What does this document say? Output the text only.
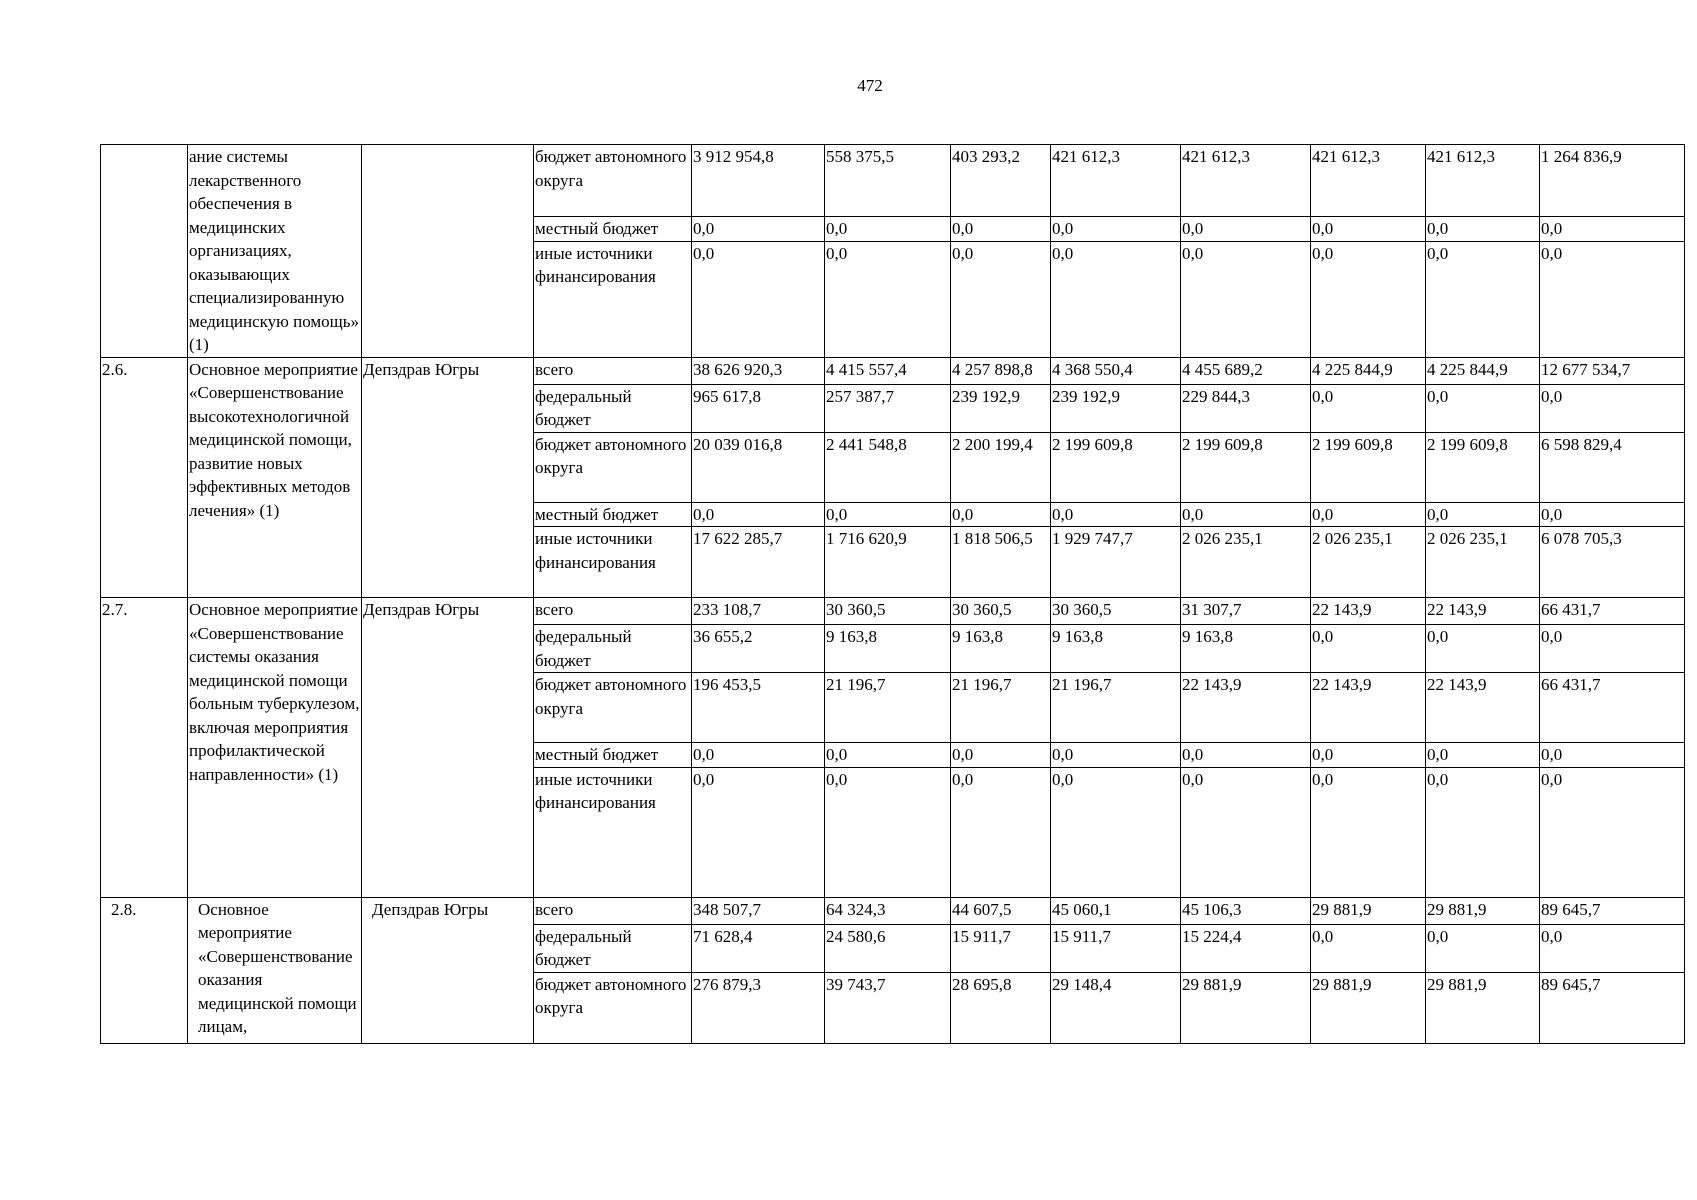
472
	ание системы лекарственного обеспечения в медицинских организациях, оказывающих специализированную медицинскую помощь» (1)		бюджет автономного округа	3 912 954,8	558 375,5	403 293,2	421 612,3	421 612,3	421 612,3	421 612,3	1 264 836,9
			местный бюджет	0,0	0,0	0,0	0,0	0,0	0,0	0,0	0,0
			иные источники финансирования	0,0	0,0	0,0	0,0	0,0	0,0	0,0	0,0
2.6.	Основное мероприятие «Совершенствование высокотехнологичной медицинской помощи, развитие новых эффективных методов лечения» (1)	Депздрав Югры	всего	38 626 920,3	4 415 557,4	4 257 898,8	4 368 550,4	4 455 689,2	4 225 844,9	4 225 844,9	12 677 534,7
			федеральный бюджет	965 617,8	257 387,7	239 192,9	239 192,9	229 844,3	0,0	0,0	0,0
			бюджет автономного округа	20 039 016,8	2 441 548,8	2 200 199,4	2 199 609,8	2 199 609,8	2 199 609,8	2 199 609,8	6 598 829,4
			местный бюджет	0,0	0,0	0,0	0,0	0,0	0,0	0,0	0,0
			иные источники финансирования	17 622 285,7	1 716 620,9	1 818 506,5	1 929 747,7	2 026 235,1	2 026 235,1	2 026 235,1	6 078 705,3
2.7.	Основное мероприятие «Совершенствование системы оказания медицинской помощи больным туберкулезом, включая мероприятия профилактической направленности» (1)	Депздрав Югры	всего	233 108,7	30 360,5	30 360,5	30 360,5	31 307,7	22 143,9	22 143,9	66 431,7
			федеральный бюджет	36 655,2	9 163,8	9 163,8	9 163,8	9 163,8	0,0	0,0	0,0
			бюджет автономного округа	196 453,5	21 196,7	21 196,7	21 196,7	22 143,9	22 143,9	22 143,9	66 431,7
			местный бюджет	0,0	0,0	0,0	0,0	0,0	0,0	0,0	0,0
			иные источники финансирования	0,0	0,0	0,0	0,0	0,0	0,0	0,0	0,0
2.8.	Основное мероприятие «Совершенствование оказания медицинской помощи лицам,	Депздрав Югры	всего	348 507,7	64 324,3	44 607,5	45 060,1	45 106,3	29 881,9	29 881,9	89 645,7
			федеральный бюджет	71 628,4	24 580,6	15 911,7	15 911,7	15 224,4	0,0	0,0	0,0
			бюджет автономного округа	276 879,3	39 743,7	28 695,8	29 148,4	29 881,9	29 881,9	29 881,9	89 645,7
